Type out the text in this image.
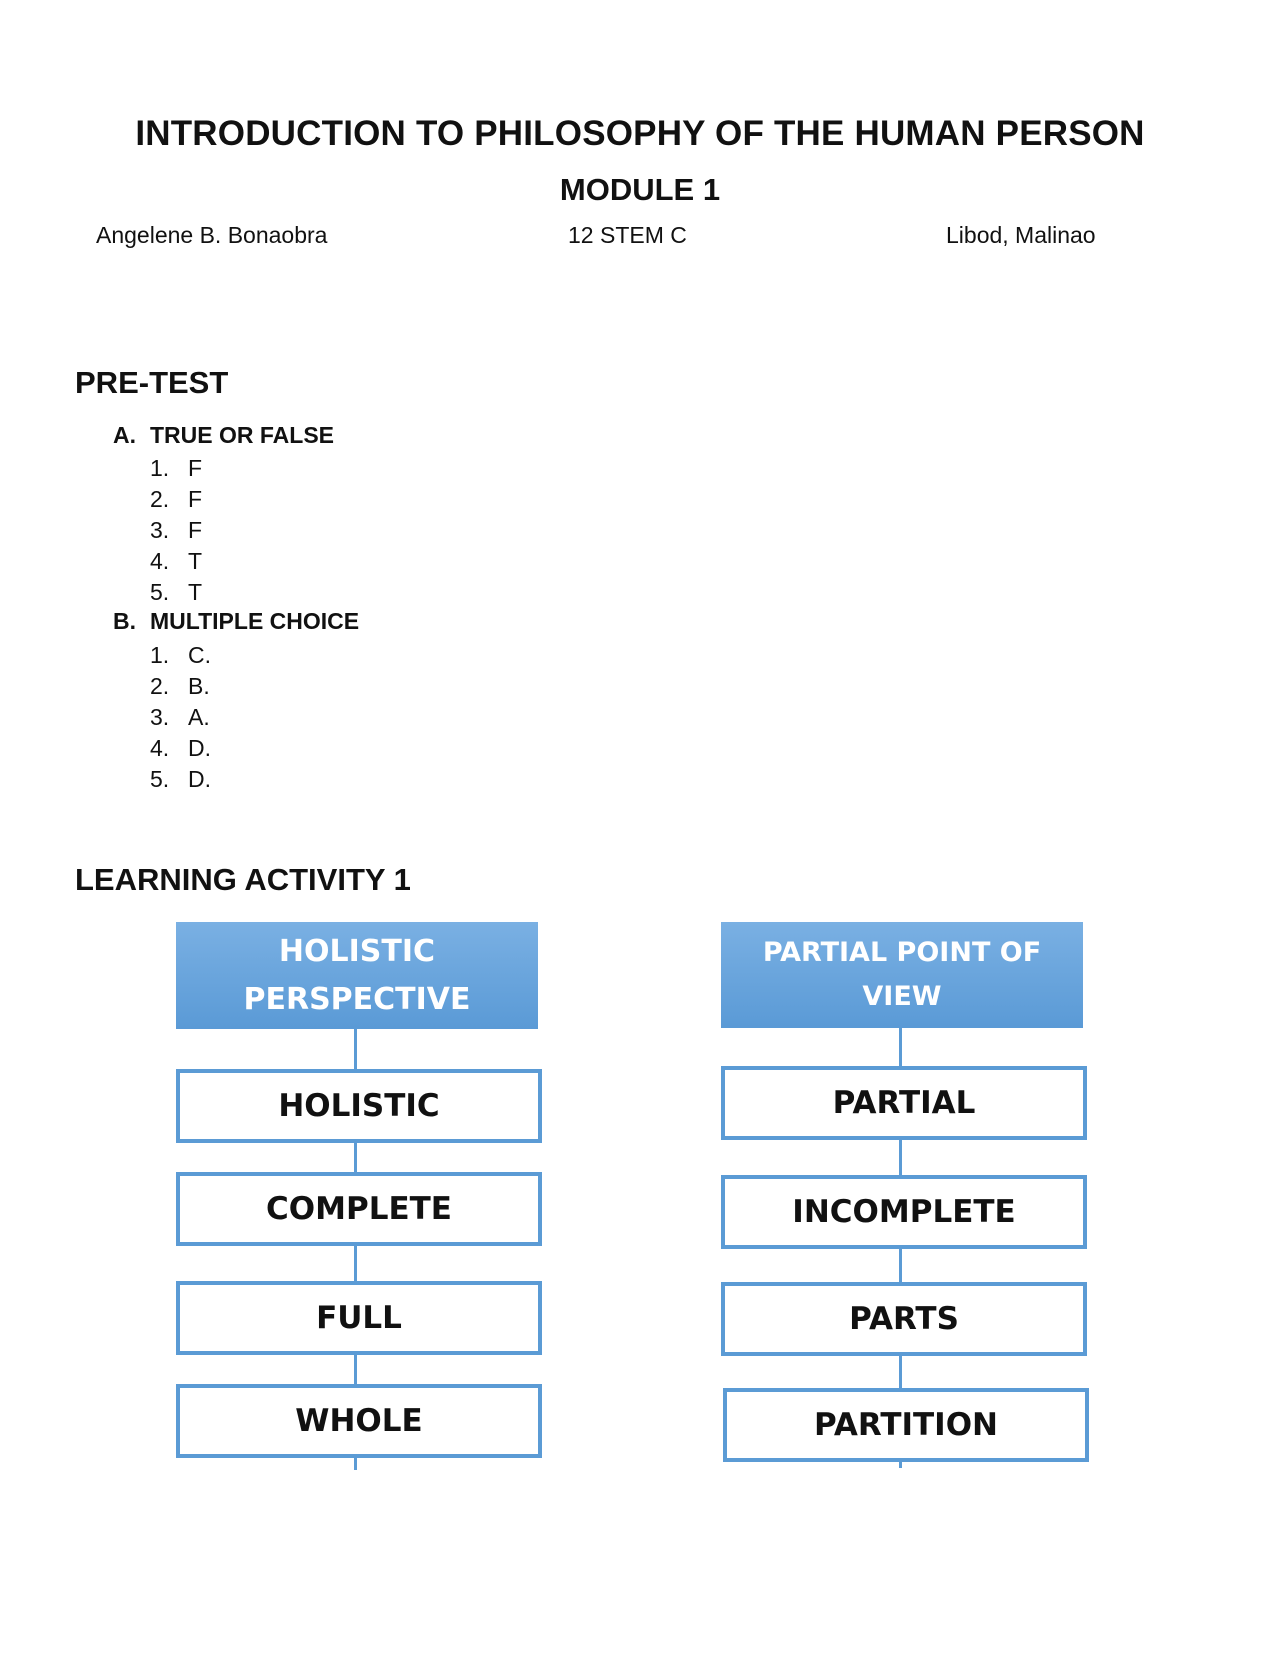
INTRODUCTION TO PHILOSOPHY OF THE HUMAN PERSON
MODULE 1
Angelene B. Bonaobra	12 STEM C	Libod, Malinao
PRE-TEST
A. TRUE OR FALSE
1. F
2. F
3. F
4. T
5. T
B. MULTIPLE CHOICE
1. C.
2. B.
3. A.
4. D.
5. D.
LEARNING ACTIVITY 1
HOLISTIC
PERSPECTIVE
PARTIAL POINT OF
VIEW
HOLISTIC
COMPLETE
FULL
WHOLE
PARTIAL
INCOMPLETE
PARTS
PARTITION
